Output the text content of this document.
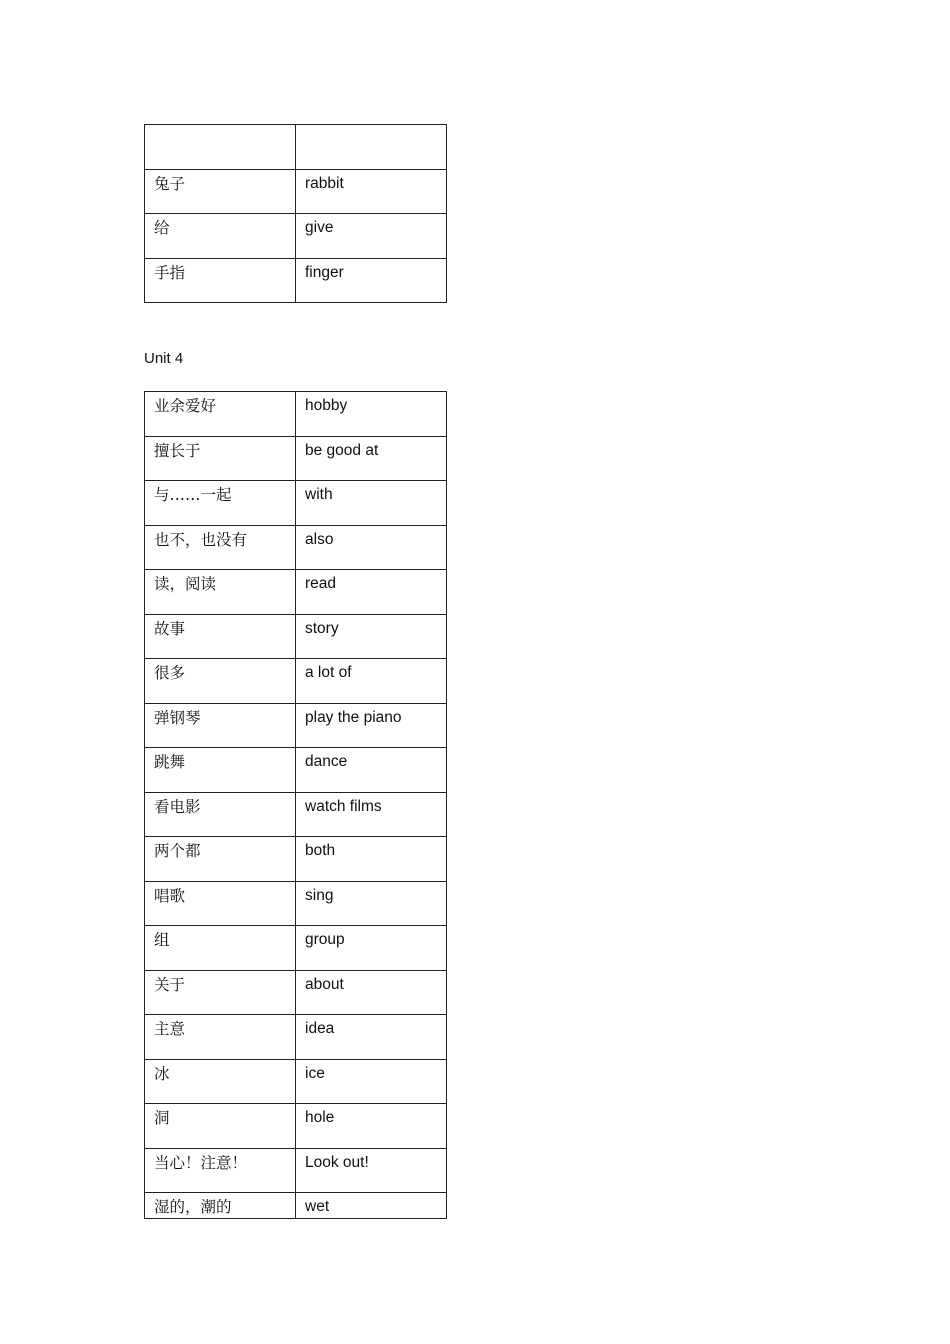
兔子	rabbit
给	give
手指	finger
Unit 4
业余爱好	hobby
擅长于	be good at
与……一起	with
也不，也没有	also
读，阅读	read
故事	story
很多	a lot of
弹钢琴	play the piano
跳舞	dance
看电影	watch films
两个都	both
唱歌	sing
组	group
关于	about
主意	idea
冰	ice
洞	hole
当心！注意！	Look out!
湿的，潮的	wet
